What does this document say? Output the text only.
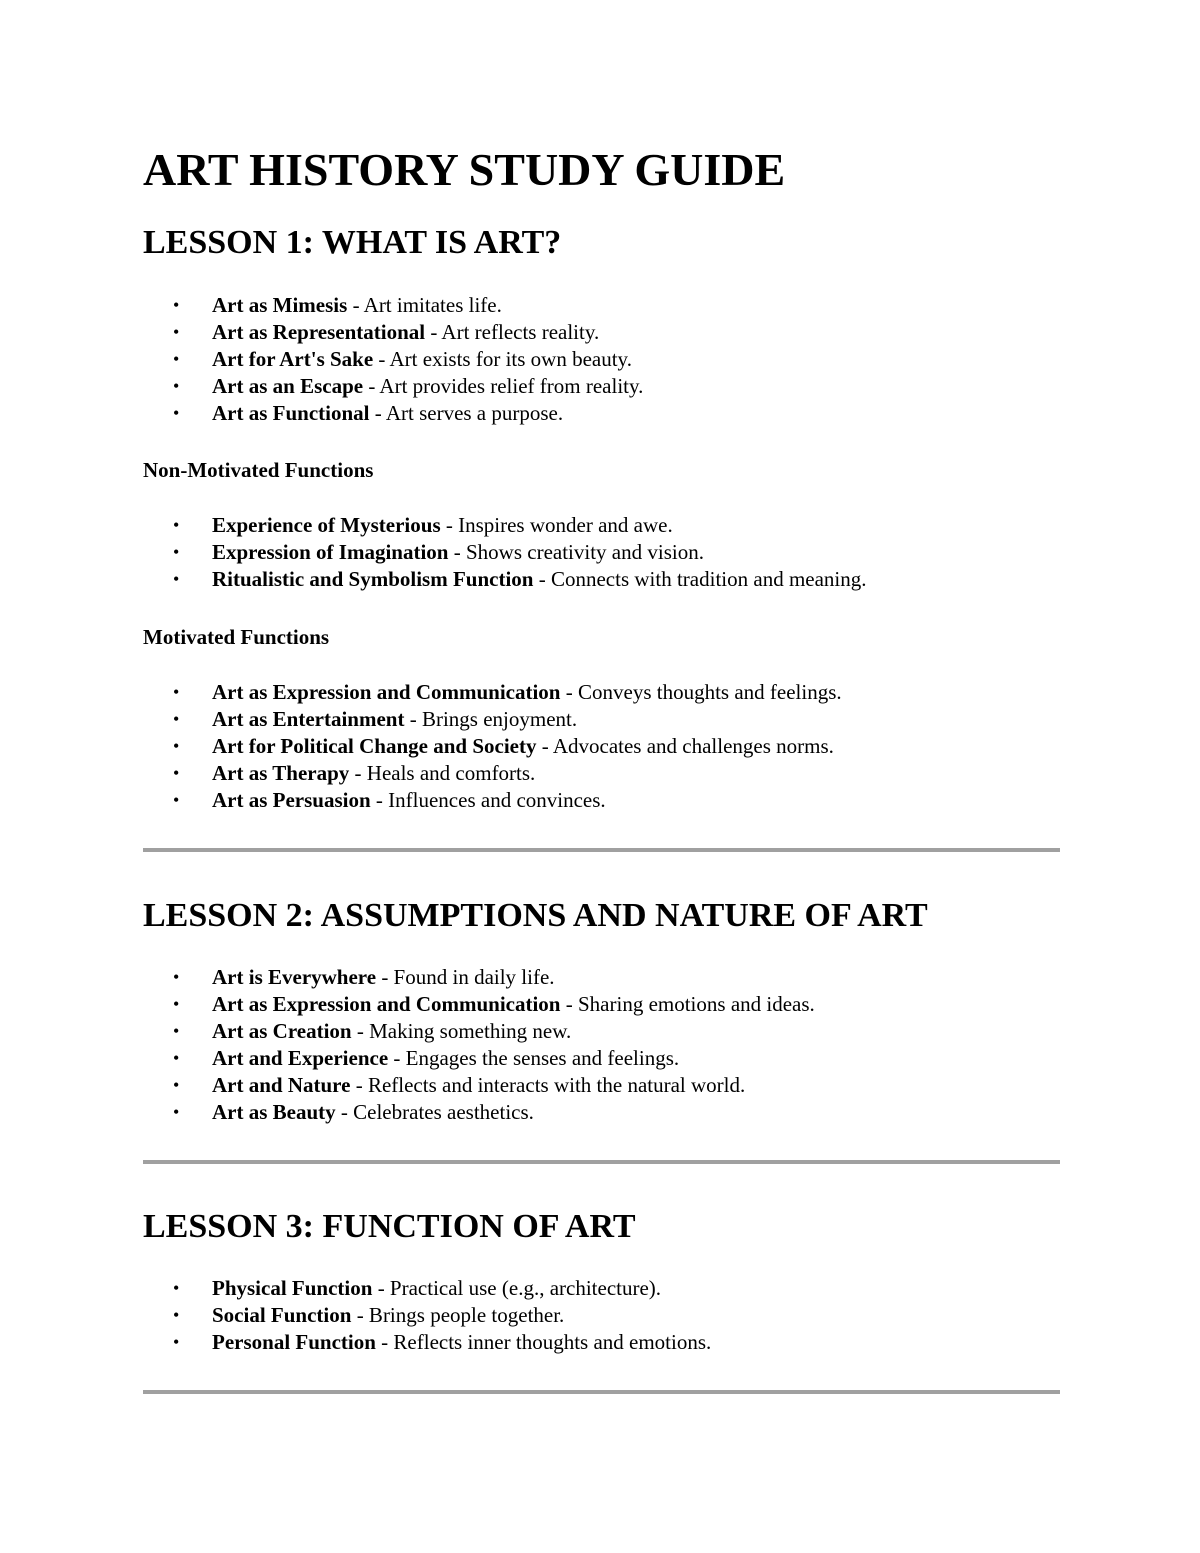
ART HISTORY STUDY GUIDE
LESSON 1: WHAT IS ART?
• Art as Mimesis - Art imitates life.
• Art as Representational - Art reflects reality.
• Art for Art's Sake - Art exists for its own beauty.
• Art as an Escape - Art provides relief from reality.
• Art as Functional - Art serves a purpose.
Non-Motivated Functions
• Experience of Mysterious - Inspires wonder and awe.
• Expression of Imagination - Shows creativity and vision.
• Ritualistic and Symbolism Function - Connects with tradition and meaning.
Motivated Functions
• Art as Expression and Communication - Conveys thoughts and feelings.
• Art as Entertainment - Brings enjoyment.
• Art for Political Change and Society - Advocates and challenges norms.
• Art as Therapy - Heals and comforts.
• Art as Persuasion - Influences and convinces.
LESSON 2: ASSUMPTIONS AND NATURE OF ART
• Art is Everywhere - Found in daily life.
• Art as Expression and Communication - Sharing emotions and ideas.
• Art as Creation - Making something new.
• Art and Experience - Engages the senses and feelings.
• Art and Nature - Reflects and interacts with the natural world.
• Art as Beauty - Celebrates aesthetics.
LESSON 3: FUNCTION OF ART
• Physical Function - Practical use (e.g., architecture).
• Social Function - Brings people together.
• Personal Function - Reflects inner thoughts and emotions.
